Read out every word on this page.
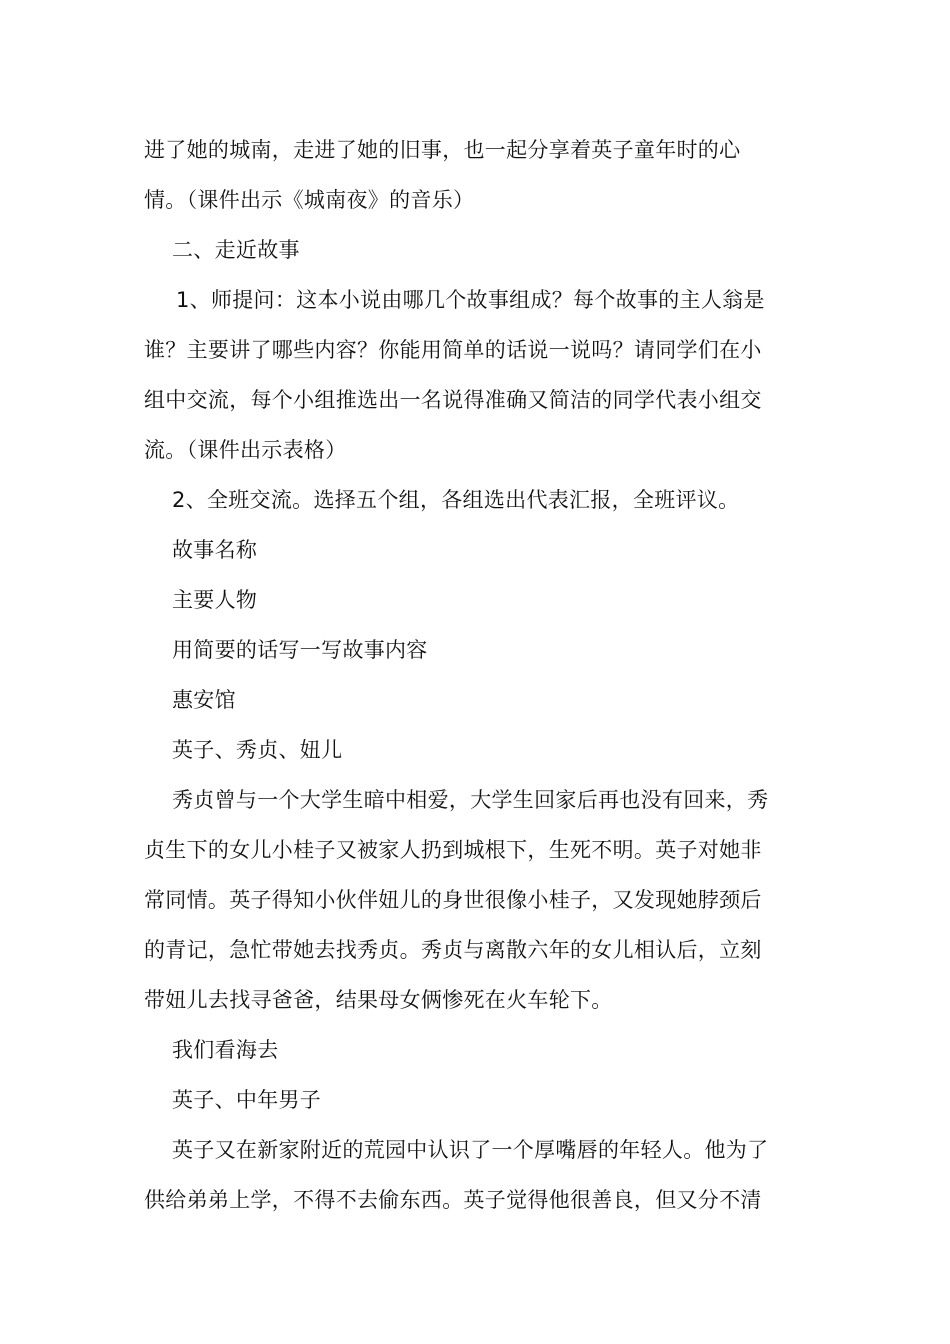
进了她的城南，走进了她的旧事，也一起分享着英子童年时的心
情。（课件出示《城南夜》的音乐）
二、走近故事
1、师提问：这本小说由哪几个故事组成？每个故事的主人翁是
谁？主要讲了哪些内容？你能用简单的话说一说吗？请同学们在小
组中交流，每个小组推选出一名说得准确又简洁的同学代表小组交
流。（课件出示表格）
2、全班交流。选择五个组，各组选出代表汇报，全班评议。
故事名称
主要人物
用简要的话写一写故事内容
惠安馆
英子、秀贞、妞儿
秀贞曾与一个大学生暗中相爱，大学生回家后再也没有回来，秀
贞生下的女儿小桂子又被家人扔到城根下，生死不明。英子对她非
常同情。英子得知小伙伴妞儿的身世很像小桂子，又发现她脖颈后
的青记，急忙带她去找秀贞。秀贞与离散六年的女儿相认后，立刻
带妞儿去找寻爸爸，结果母女俩惨死在火车轮下。
我们看海去
英子、中年男子
英子又在新家附近的荒园中认识了一个厚嘴唇的年轻人。他为了
供给弟弟上学，不得不去偷东西。英子觉得他很善良，但又分不清
